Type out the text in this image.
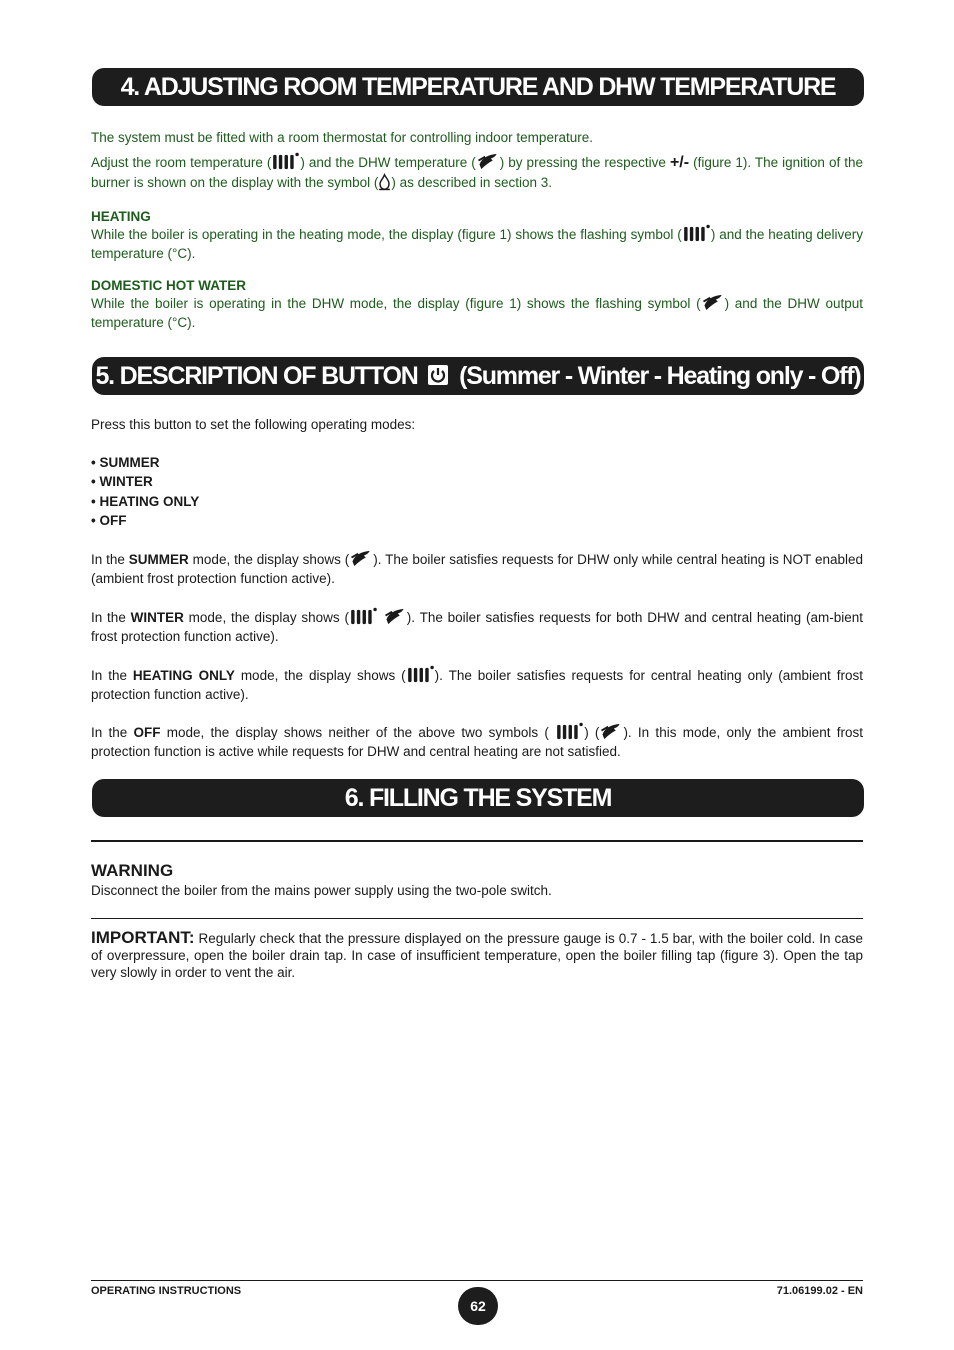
4. ADJUSTING ROOM TEMPERATURE AND DHW TEMPERATURE

The system must be fitted with a room thermostat for controlling indoor temperature.

Adjust the room temperature ( ) and the DHW temperature ( ) by pressing the respective +/- (figure 1). The ignition of the burner is shown on the display with the symbol ( ) as described in section 3.

HEATING

While the boiler is operating in the heating mode, the display (figure 1) shows the flashing symbol ( ) and the heating delivery temperature (°C).

DOMESTIC HOT WATER

While the boiler is operating in the DHW mode, the display (figure 1) shows the flashing symbol ( ) and the DHW output temperature (°C).

5. DESCRIPTION OF BUTTON (Summer - Winter - Heating only - Off)
Press this button to set the following operating modes:

• SUMMER

• WINTER

• HEATING ONLY

• OFF

In the SUMMER mode, the display shows ( ). The boiler satisfies requests for DHW only while central heating is NOT enabled (ambient frost protection function active).
In the WINTER mode, the display shows (	). The boiler satisfies requests for both DHW and central heating (am-bient frost protection function active).
In the HEATING ONLY mode, the display shows ( ). The boiler satisfies requests for central heating only (ambient frost protection function active).
In the OFF mode, the display shows neither of the above two symbols ( ) ( ). In this mode, only the ambient frost protection function is active while requests for DHW and central heating are not satisfied.
6. FILLING THE SYSTEM

WARNING

Disconnect the boiler from the mains power supply using the two-pole switch.

IMPORTANT: Regularly check that the pressure displayed on the pressure gauge is 0.7 - 1.5 bar, with the boiler cold. In case of overpressure, open the boiler drain tap. In case of insufficient temperature, open the boiler filling tap (figure 3). Open the tap very slowly in order to vent the air.
OPERATING INSTRUCTIONS
62
71.06199.02 - EN
